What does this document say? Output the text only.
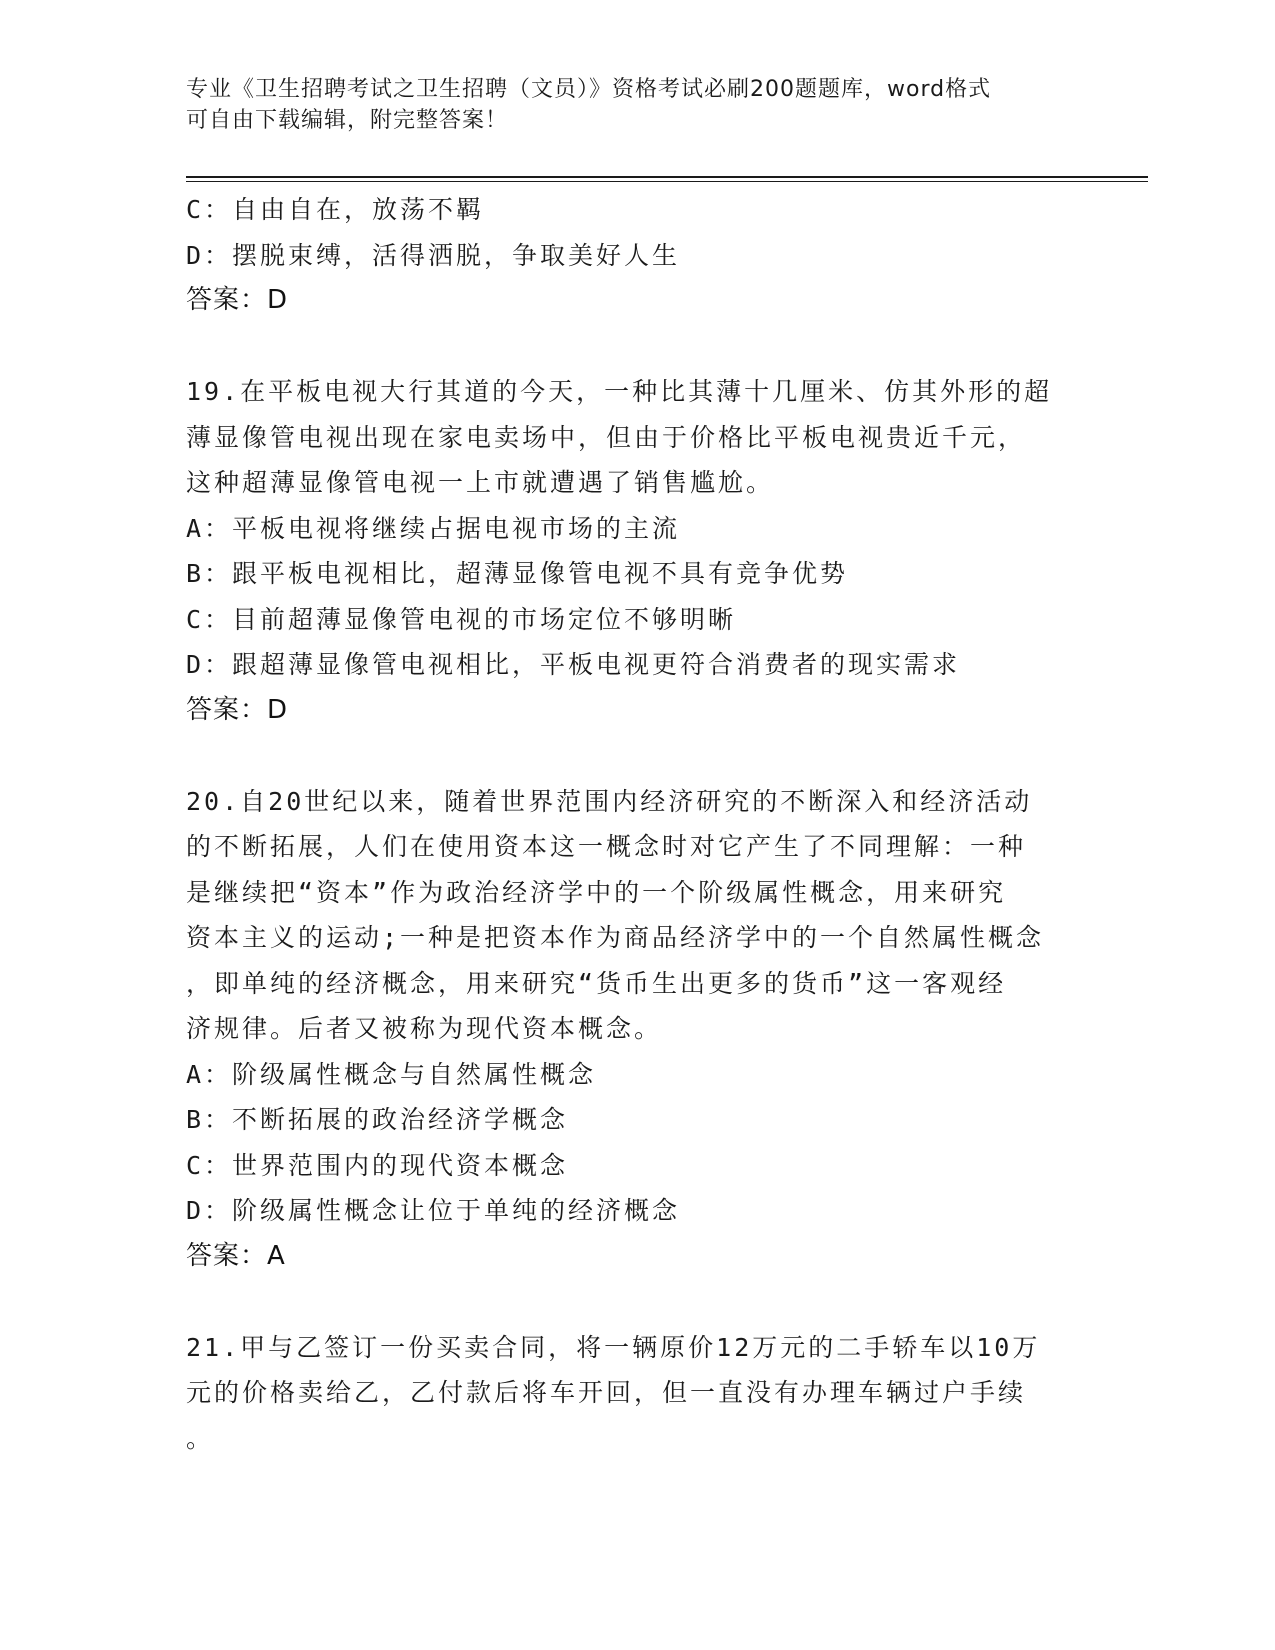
专业《卫生招聘考试之卫生招聘（文员）》资格考试必刷200题题库，word格式
可自由下载编辑，附完整答案！
C：自由自在，放荡不羁
D：摆脱束缚，活得洒脱，争取美好人生
答案：D
19.在平板电视大行其道的今天，一种比其薄十几厘米、仿其外形的超
薄显像管电视出现在家电卖场中，但由于价格比平板电视贵近千元，
这种超薄显像管电视一上市就遭遇了销售尴尬。
A：平板电视将继续占据电视市场的主流
B：跟平板电视相比，超薄显像管电视不具有竞争优势
C：目前超薄显像管电视的市场定位不够明晰
D：跟超薄显像管电视相比，平板电视更符合消费者的现实需求
答案：D
20.自20世纪以来，随着世界范围内经济研究的不断深入和经济活动
的不断拓展，人们在使用资本这一概念时对它产生了不同理解：一种
是继续把“资本”作为政治经济学中的一个阶级属性概念，用来研究
资本主义的运动;一种是把资本作为商品经济学中的一个自然属性概念
，即单纯的经济概念，用来研究“货币生出更多的货币”这一客观经
济规律。后者又被称为现代资本概念。
A：阶级属性概念与自然属性概念
B：不断拓展的政治经济学概念
C：世界范围内的现代资本概念
D：阶级属性概念让位于单纯的经济概念
答案：A
21.甲与乙签订一份买卖合同，将一辆原价12万元的二手轿车以10万
元的价格卖给乙，乙付款后将车开回，但一直没有办理车辆过户手续
。
